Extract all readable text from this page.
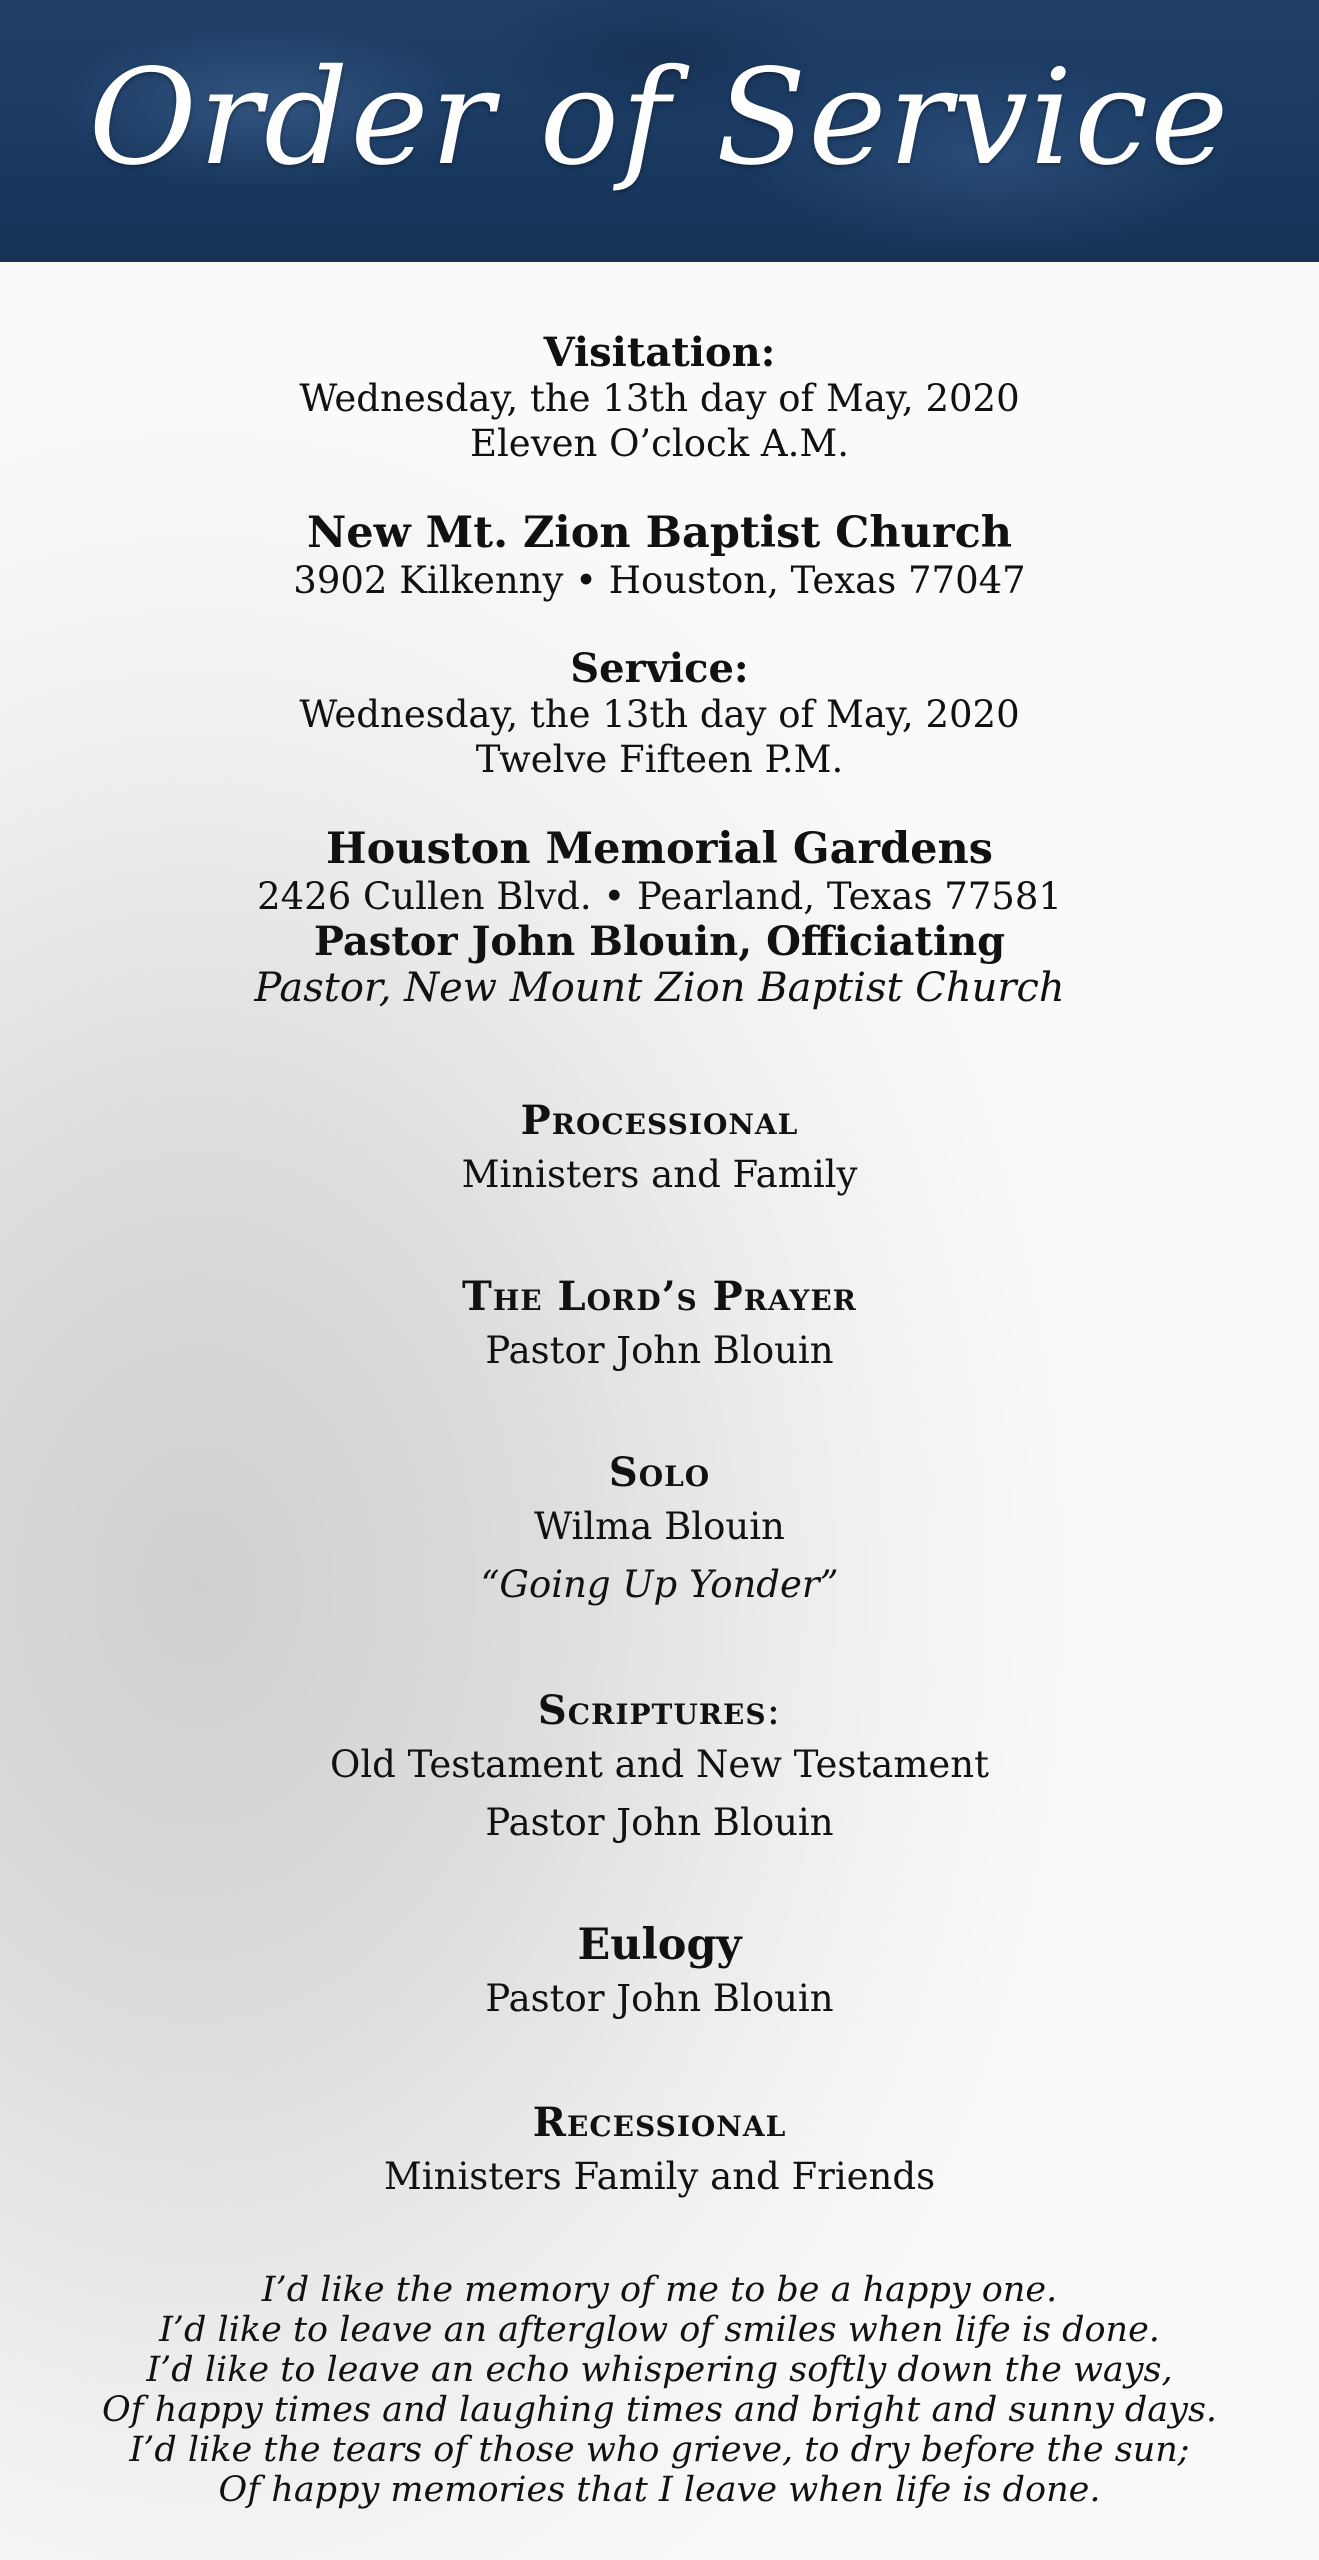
Order of Service
Visitation:
Wednesday, the 13th day of May, 2020
Eleven O’clock A.M.
New Mt. Zion Baptist Church
3902 Kilkenny • Houston, Texas 77047
Service:
Wednesday, the 13th day of May, 2020
Twelve Fifteen P.M.
Houston Memorial Gardens
2426 Cullen Blvd. • Pearland, Texas 77581
Pastor John Blouin, Officiating
Pastor, New Mount Zion Baptist Church
Processional
Ministers and Family
The Lord’s Prayer
Pastor John Blouin
Solo
Wilma Blouin
“Going Up Yonder”
Scriptures:
Old Testament and New Testament
Pastor John Blouin
Eulogy
Pastor John Blouin
Recessional
Ministers Family and Friends
I’d like the memory of me to be a happy one.
I’d like to leave an afterglow of smiles when life is done.
I’d like to leave an echo whispering softly down the ways,
Of happy times and laughing times and bright and sunny days.
I’d like the tears of those who grieve, to dry before the sun;
Of happy memories that I leave when life is done.
